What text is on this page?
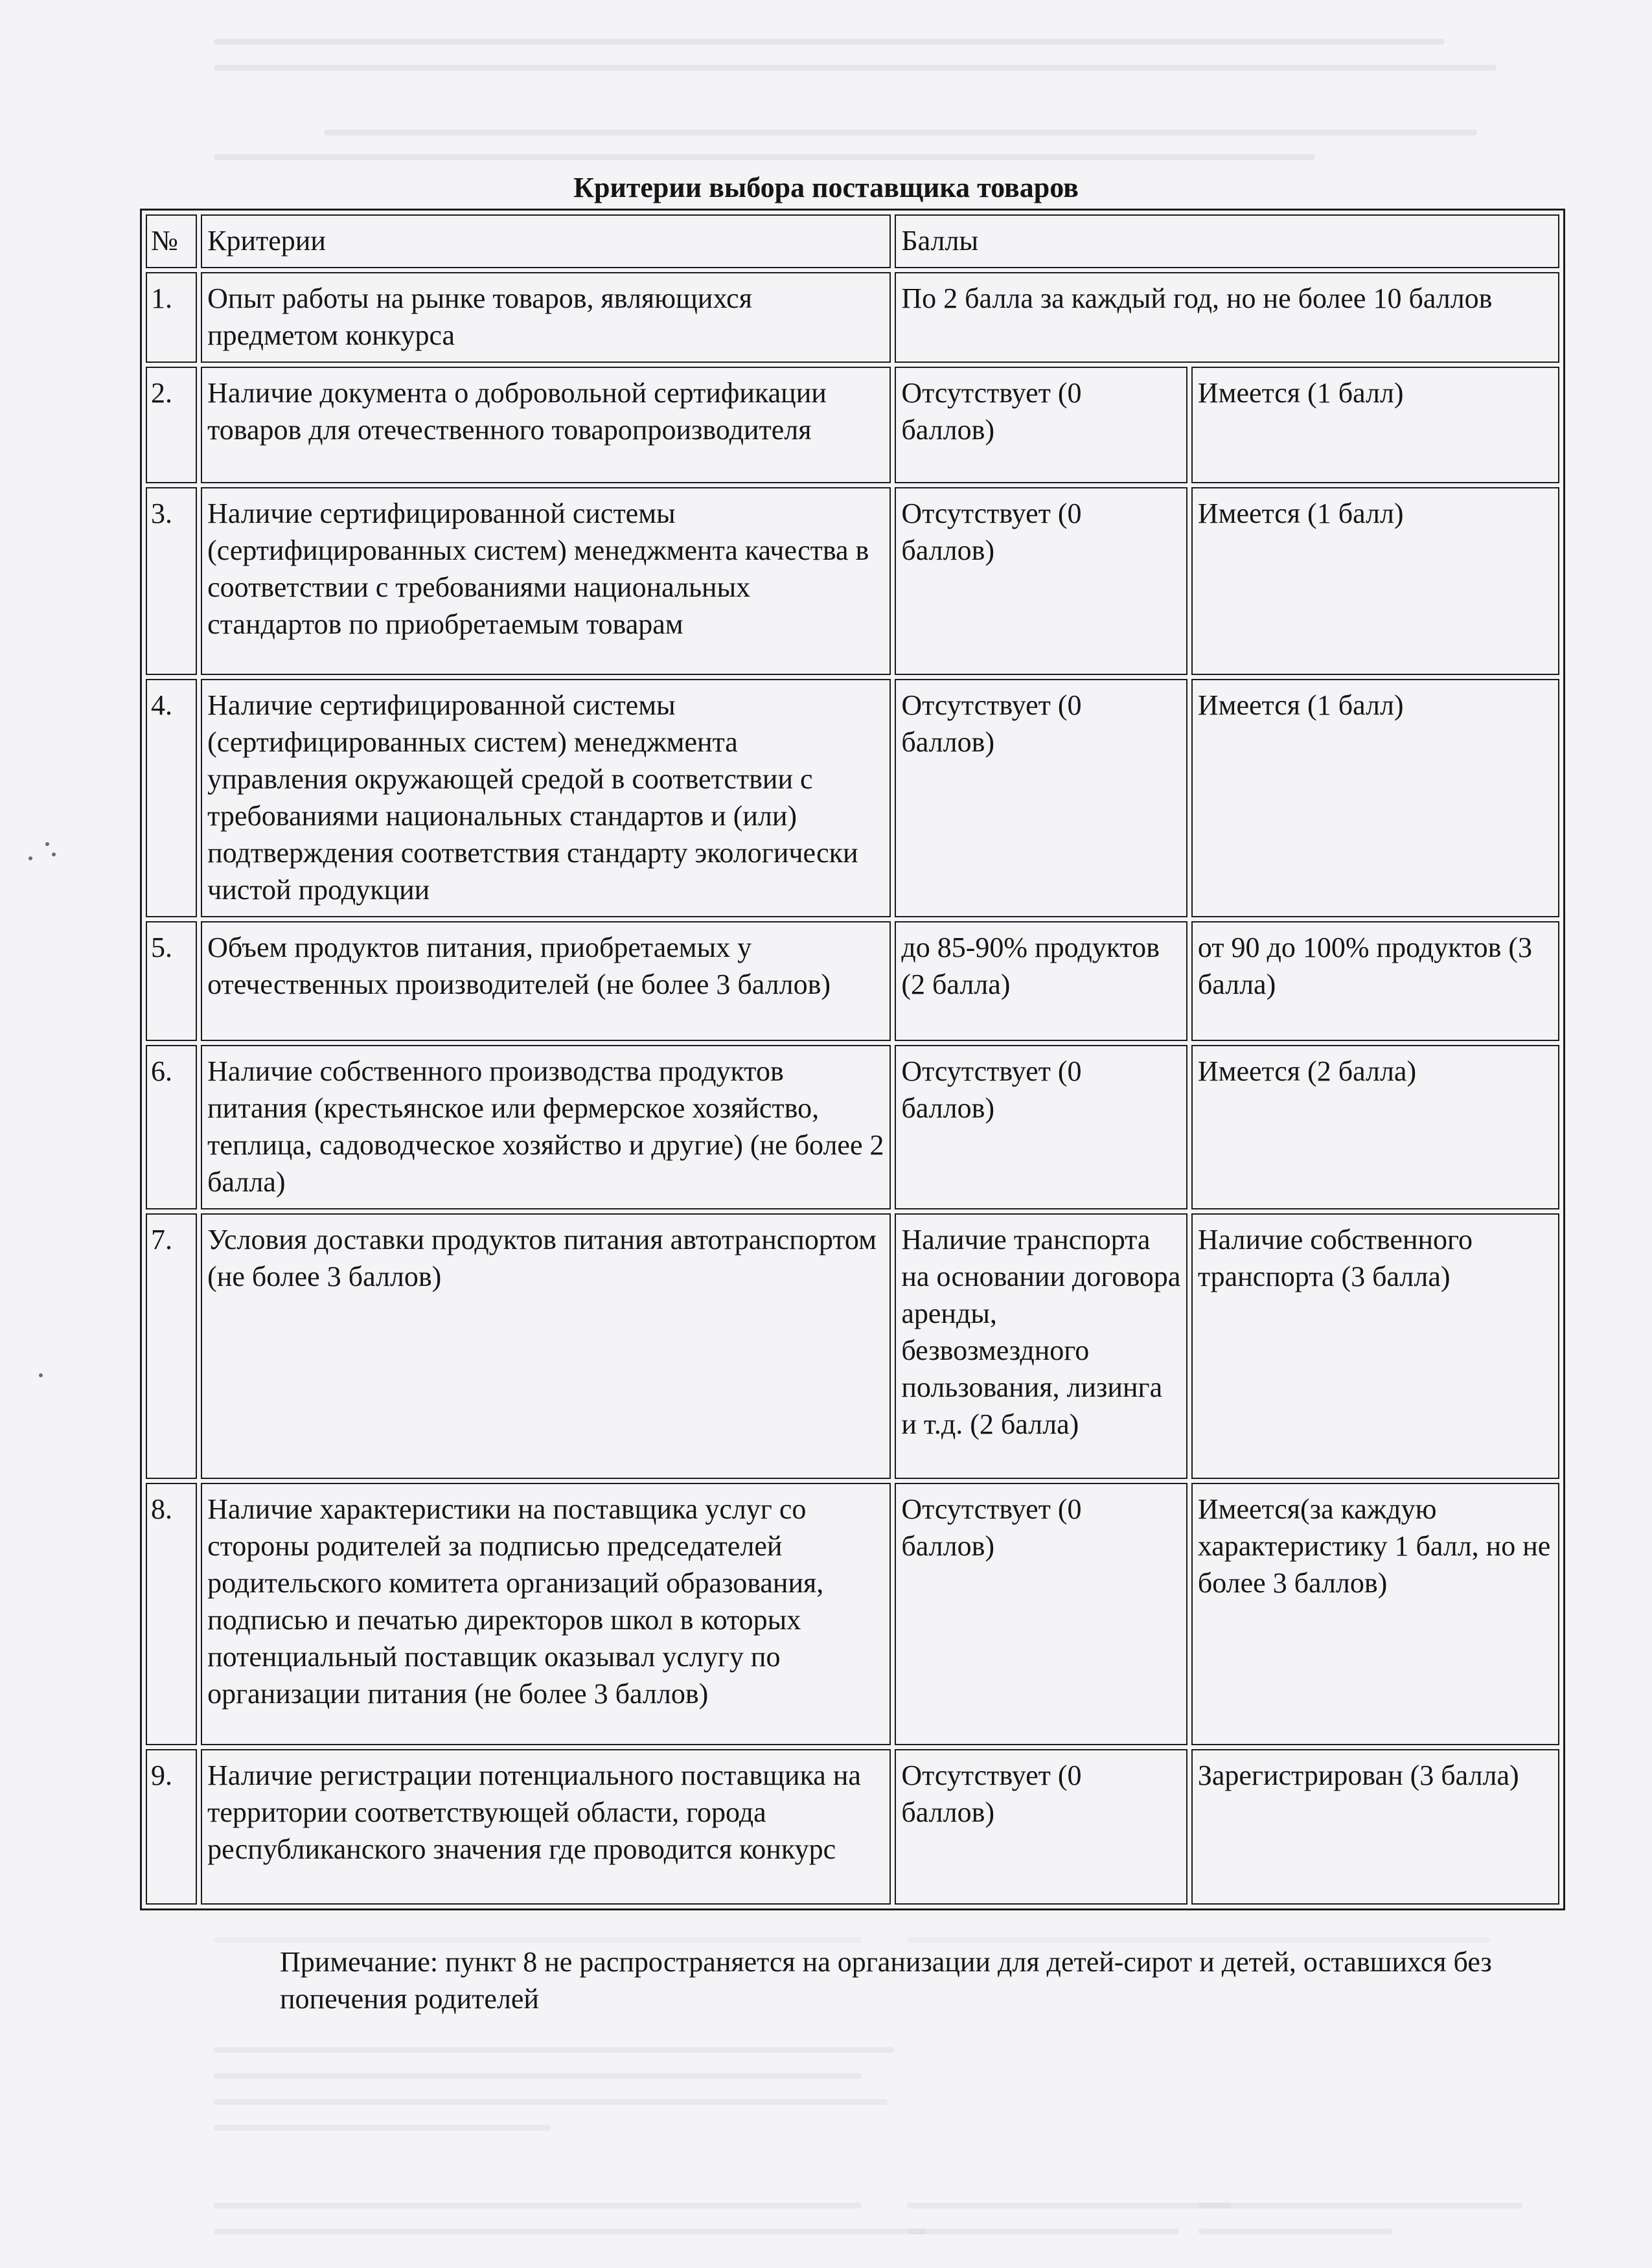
Критерии выбора поставщика товаров
№	Критерии	Баллы	
1.	Опыт работы на рынке товаров, являющихся предметом конкурса	По 2 балла за каждый год, но не более 10 баллов	
2.	Наличие документа о добровольной сертификации товаров для отечественного товаропроизводителя	Отсутствует (0 баллов)	Имеется (1 балл)
3.	Наличие сертифицированной системы (сертифицированных систем) менеджмента качества в соответствии с требованиями национальных стандартов по приобретаемым товарам	Отсутствует (0 баллов)	Имеется (1 балл)
4.	Наличие сертифицированной системы (сертифицированных систем) менеджмента управления окружающей средой в соответствии с требованиями национальных стандартов и (или) подтверждения соответствия стандарту экологически чистой продукции	Отсутствует (0 баллов)	Имеется (1 балл)
5.	Объем продуктов питания, приобретаемых у отечественных производителей (не более 3 баллов)	до 85-90% продуктов (2 балла)	от 90 до 100% продуктов (3 балла)
6.	Наличие собственного производства продуктов питания (крестьянское или фермерское хозяйство, теплица, садоводческое хозяйство и другие) (не более 2 балла)	Отсутствует (0 баллов)	Имеется (2 балла)
7.	Условия доставки продуктов питания автотранспортом (не более 3 баллов)	Наличие транспорта на основании договора аренды, безвозмездного пользования, лизинга и т.д. (2 балла)	Наличие собственного транспорта (3 балла)
8.	Наличие характеристики на поставщика услуг со стороны родителей за подписью председателей родительского комитета организаций образования, подписью и печатью директоров школ в которых потенциальный поставщик оказывал услугу по организации питания (не более 3 баллов)	Отсутствует (0 баллов)	Имеется(за каждую характеристику 1 балл, но не более 3 баллов)
9.	Наличие регистрации потенциального поставщика на территории соответствующей области, города республиканского значения где проводится конкурс	Отсутствует (0 баллов)	Зарегистрирован (3 балла)

Примечание: пункт 8 не распространяется на организации для детей-сирот и детей, оставшихся без попечения родителей
